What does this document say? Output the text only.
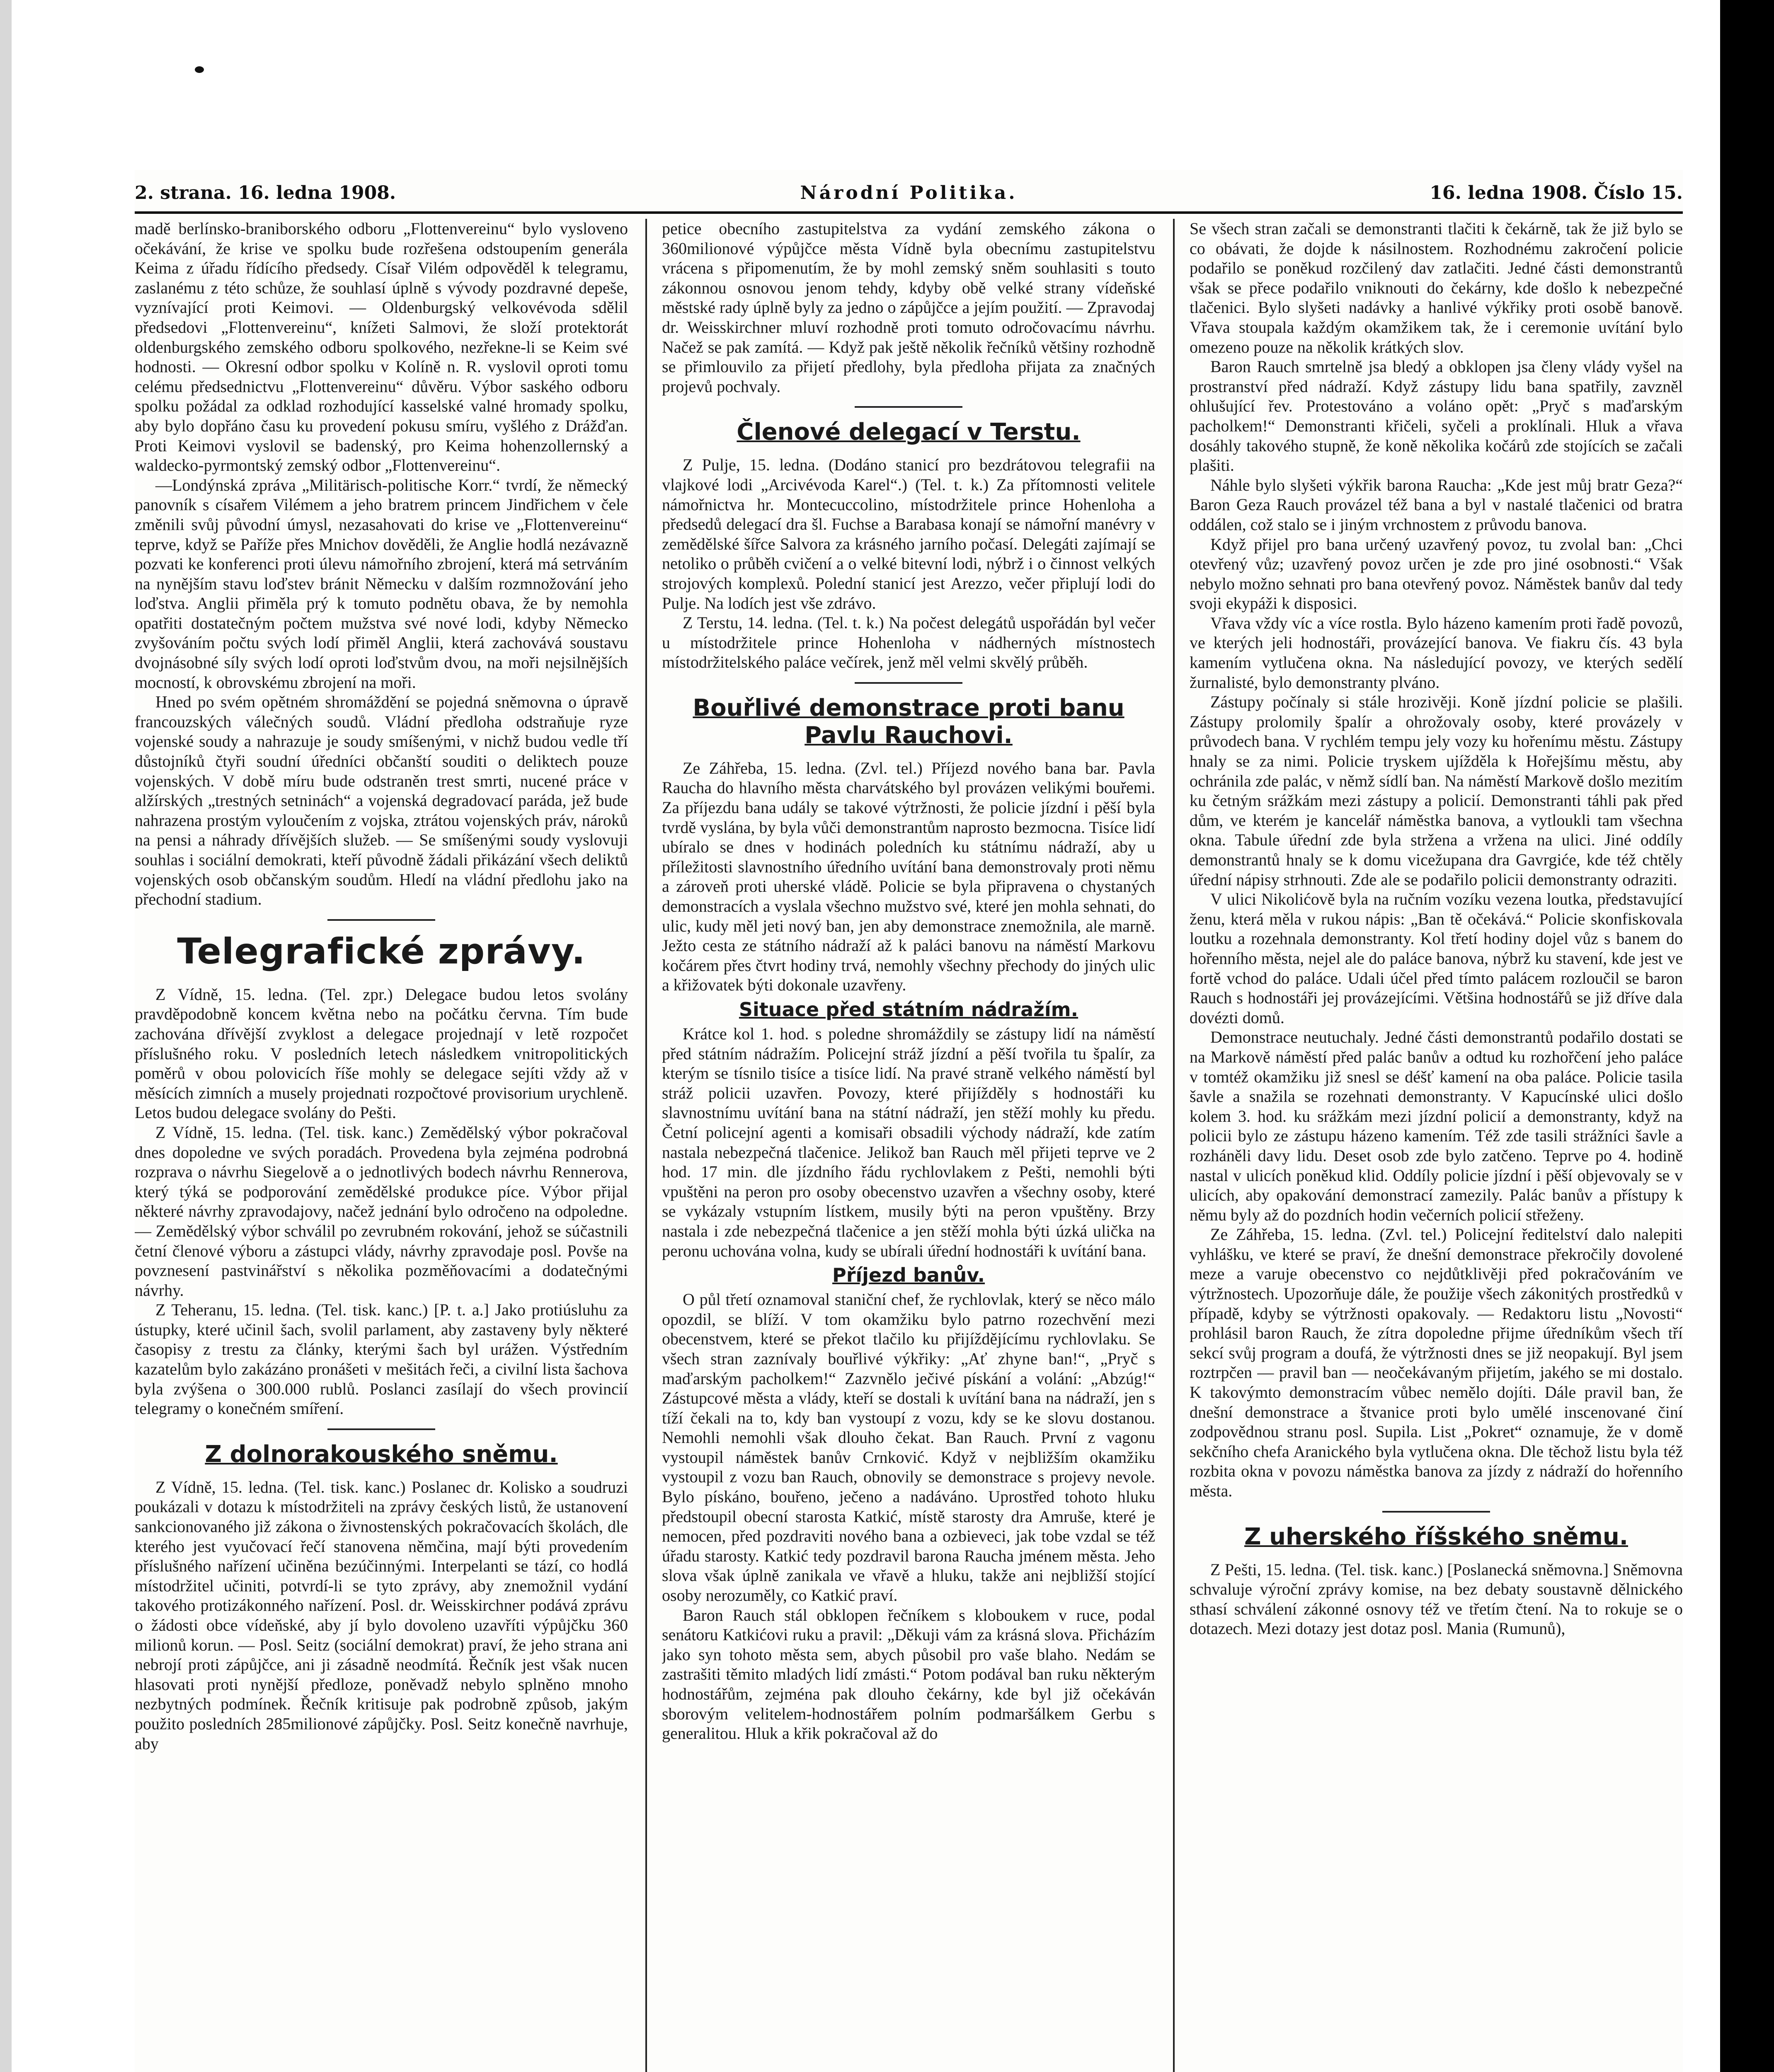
2. strana. 16. ledna 1908.	Národní Politika.	16. ledna 1908. Číslo 15.

madě berlínsko-braniborského odboru „Flottenvereinu“ bylo vysloveno očekávání, že krise ve spolku bude rozřešena odstoupením generála Keima z úřadu řídícího předsedy. Císař Vilém odpověděl k telegramu, zaslanému z této schůze, že souhlasí úplně s vývody pozdravné depeše, vyznívající proti Keimovi. — Oldenburgský velkovévoda sdělil předsedovi „Flottenvereinu“, knížeti Salmovi, že složí protektorát oldenburgského zemského odboru spolkového, nezřekne-li se Keim své hodnosti. — Okresní odbor spolku v Kolíně n. R. vyslovil oproti tomu celému předsednictvu „Flottenvereinu“ důvěru. Výbor saského odboru spolku požádal za odklad rozhodující kasselské valné hromady spolku, aby bylo dopřáno času ku provedení pokusu smíru, vyšlého z Drážďan. Proti Keimovi vyslovil se badenský, pro Keima hohenzollernský a waldecko-pyrmontský zemský odbor „Flottenvereinu“.

—Londýnská zpráva „Militärisch-politische Korr.“ tvrdí, že německý panovník s císařem Vilémem a jeho bratrem princem Jindřichem v čele změnili svůj původní úmysl, nezasahovati do krise ve „Flottenvereinu“ teprve, když se Paříže přes Mnichov dověděli, že Anglie hodlá nezávazně pozvati ke konferenci proti úlevu námořního zbrojení, která má setrváním na nynějším stavu loďstev bránit Německu v dalším rozmnožování jeho loďstva. Anglii přiměla prý k tomuto podnětu obava, že by nemohla opatřiti dostatečným počtem mužstva své nové lodi, kdyby Německo zvyšováním počtu svých lodí přiměl Anglii, která zachovává soustavu dvojnásobné síly svých lodí oproti loďstvům dvou, na moři nejsilnějších mocností, k obrovskému zbrojení na moři.

Hned po svém opětném shromáždění se pojedná sněmovna o úpravě francouzských válečných soudů. Vládní předloha odstraňuje ryze vojenské soudy a nahrazuje je soudy smíšenými, v nichž budou vedle tří důstojníků čtyři soudní úředníci občanští souditi o deliktech pouze vojenských. V době míru bude odstraněn trest smrti, nucené práce v alžírských „trestných setninách“ a vojenská degradovací paráda, jež bude nahrazena prostým vyloučením z vojska, ztrátou vojenských práv, nároků na pensi a náhrady dřívějších služeb. — Se smíšenými soudy vyslovuji souhlas i sociální demokrati, kteří původně žádali přikázání všech deliktů vojenských osob občanským soudům. Hledí na vládní předlohu jako na přechodní stadium.

Telegrafické zprávy.

Z Vídně, 15. ledna. (Tel. zpr.) Delegace budou letos svolány pravděpodobně koncem května nebo na počátku června. Tím bude zachována dřívější zvyklost a delegace projednají v letě rozpočet příslušného roku. V posledních letech následkem vnitropolitických poměrů v obou polovicích říše mohly se delegace sejíti vždy až v měsících zimních a musely projednati rozpočtové provisorium urychleně. Letos budou delegace svolány do Pešti.

Z Vídně, 15. ledna. (Tel. tisk. kanc.) Zemědělský výbor pokračoval dnes dopoledne ve svých poradách. Provedena byla zejména podrobná rozprava o návrhu Siegelově a o jednotlivých bodech návrhu Rennerova, který týká se podporování zemědělské produkce píce. Výbor přijal některé návrhy zpravodajovy, načež jednání bylo odročeno na odpoledne. — Zemědělský výbor schválil po zevrubném rokování, jehož se súčastnili četní členové výboru a zástupci vlády, návrhy zpravodaje posl. Povše na povznesení pastvinářství s několika pozměňovacími a dodatečnými návrhy.

Z Teheranu, 15. ledna. (Tel. tisk. kanc.) [P. t. a.] Jako protiúsluhu za ústupky, které učinil šach, svolil parlament, aby zastaveny byly některé časopisy z trestu za články, kterými šach byl urážen. Výstředním kazatelům bylo zakázáno pronášeti v mešitách řeči, a civilní lista šachova byla zvýšena o 300.000 rublů. Poslanci zasílají do všech provincií telegramy o konečném smíření.

Z dolnorakouského sněmu.

Z Vídně, 15. ledna. (Tel. tisk. kanc.) Poslanec dr. Kolisko a soudruzi poukázali v dotazu k místodržiteli na zprávy českých listů, že ustanovení sankcionovaného již zákona o živnostenských pokračovacích školách, dle kterého jest vyučovací řečí stanovena němčina, mají býti provedením příslušného nařízení učiněna bezúčinnými. Interpelanti se tází, co hodlá místodržitel učiniti, potvrdí-li se tyto zprávy, aby znemožnil vydání takového protizákonného nařízení. Posl. dr. Weisskirchner podává zprávu o žádosti obce vídeňské, aby jí bylo dovoleno uzavříti výpůjčku 360 milionů korun. — Posl. Seitz (sociální demokrat) praví, že jeho strana ani nebrojí proti zápůjčce, ani ji zásadně neodmítá. Řečník jest však nucen hlasovati proti nynější předloze, poněvadž nebylo splněno mnoho nezbytných podmínek. Řečník kritisuje pak podrobně způsob, jakým použito posledních 285milionové zápůjčky. Posl. Seitz konečně navrhuje, aby

petice obecního zastupitelstva za vydání zemského zákona o 360milionové výpůjčce města Vídně byla obecnímu zastupitelstvu vrácena s připomenutím, že by mohl zemský sněm souhlasiti s touto zákonnou osnovou jenom tehdy, kdyby obě velké strany vídeňské městské rady úplně byly za jedno o zápůjčce a jejím použití. — Zpravodaj dr. Weisskirchner mluví rozhodně proti tomuto odročovacímu návrhu. Načež se pak zamítá. — Když pak ještě několik řečníků většiny rozhodně se přimlouvilo za přijetí předlohy, byla předloha přijata za značných projevů pochvaly.

Členové delegací v Terstu.

Z Pulje, 15. ledna. (Dodáno stanicí pro bezdrátovou telegrafii na vlajkové lodi „Arcivévoda Karel“.) (Tel. t. k.) Za přítomnosti velitele námořnictva hr. Montecuccolino, místodržitele prince Hohenloha a předsedů delegací dra šl. Fuchse a Barabasa konají se námořní manévry v zemědělské šířce Salvora za krásného jarního počasí. Delegáti zajímají se netoliko o průběh cvičení a o velké bitevní lodi, nýbrž i o činnost velkých strojových komplexů. Polední stanicí jest Arezzo, večer připlují lodi do Pulje. Na lodích jest vše zdrávo.

Z Terstu, 14. ledna. (Tel. t. k.) Na počest delegátů uspořádán byl večer u místodržitele prince Hohenloha v nádherných místnostech místodržitelského paláce večírek, jenž měl velmi skvělý průběh.

Bouřlivé demonstrace proti banu Pavlu Rauchovi.

Ze Záhřeba, 15. ledna. (Zvl. tel.) Příjezd nového bana bar. Pavla Raucha do hlavního města charvátského byl provázen velikými bouřemi. Za příjezdu bana udály se takové výtržnosti, že policie jízdní i pěší byla tvrdě vyslána, by byla vůči demonstrantům naprosto bezmocna. Tisíce lidí ubíralo se dnes v hodinách poledních ku státnímu nádraží, aby u příležitosti slavnostního úředního uvítání bana demonstrovaly proti němu a zároveň proti uherské vládě. Policie se byla připravena o chystaných demonstracích a vyslala všechno mužstvo své, které jen mohla sehnati, do ulic, kudy měl jeti nový ban, jen aby demonstrace znemožnila, ale marně. Ježto cesta ze státního nádraží až k paláci banovu na náměstí Markovu kočárem přes čtvrt hodiny trvá, nemohly všechny přechody do jiných ulic a křižovatek býti dokonale uzavřeny.

Situace před státním nádražím.

Krátce kol 1. hod. s poledne shromáždily se zástupy lidí na náměstí před státním nádražím. Policejní stráž jízdní a pěší tvořila tu špalír, za kterým se tísnilo tisíce a tisíce lidí. Na pravé straně velkého náměstí byl stráž policii uzavřen. Povozy, které přijížděly s hodnostáři ku slavnostnímu uvítání bana na státní nádraží, jen stěží mohly ku předu. Četní policejní agenti a komisaři obsadili východy nádraží, kde zatím nastala nebezpečná tlačenice. Jelikož ban Rauch měl přijeti teprve ve 2 hod. 17 min. dle jízdního řádu rychlovlakem z Pešti, nemohli býti vpuštěni na peron pro osoby obecenstvo uzavřen a všechny osoby, které se vykázaly vstupním lístkem, musily býti na peron vpuštěny. Brzy nastala i zde nebezpečná tlačenice a jen stěží mohla býti úzká ulička na peronu uchována volna, kudy se ubírali úřední hodnostáři k uvítání bana.

Příjezd banův.

O půl třetí oznamoval staniční chef, že rychlovlak, který se něco málo opozdil, se blíží. V tom okamžiku bylo patrno rozechvění mezi obecenstvem, které se překot tlačilo ku přijíždějícímu rychlovlaku. Se všech stran zaznívaly bouřlivé výkřiky: „Ať zhyne ban!“, „Pryč s maďarským pacholkem!“ Zazvnělo ječivé pískání a volání: „Abzúg!“ Zástupcové města a vlády, kteří se dostali k uvítání bana na nádraží, jen s tíží čekali na to, kdy ban vystoupí z vozu, kdy se ke slovu dostanou. Nemohli nemohli však dlouho čekat. Ban Rauch. První z vagonu vystoupil náměstek banův Crnković. Když v nejbližším okamžiku vystoupil z vozu ban Rauch, obnovily se demonstrace s projevy nevole. Bylo pískáno, bouřeno, ječeno a nadáváno. Uprostřed tohoto hluku předstoupil obecní starosta Katkić, místě starosty dra Amruše, které je nemocen, před pozdraviti nového bana a ozbieveci, jak tobe vzdal se též úřadu starosty. Katkić tedy pozdravil barona Raucha jménem města. Jeho slova však úplně zanikala ve vřavě a hluku, takže ani nejbližší stojící osoby nerozuměly, co Katkić praví.

Baron Rauch stál obklopen řečníkem s kloboukem v ruce, podal senátoru Katkićovi ruku a pravil: „Děkuji vám za krásná slova. Přicházím jako syn tohoto města sem, abych působil pro vaše blaho. Nedám se zastrašiti těmito mladých lidí zmásti.“ Potom podával ban ruku některým hodnostářům, zejména pak dlouho čekárny, kde byl již očekáván sborovým velitelem-hodnostářem polním podmaršálkem Gerbu s generalitou. Hluk a křik pokračoval až do

Se všech stran začali se demonstranti tlačiti k čekárně, tak že již bylo se co obávati, že dojde k násilnostem. Rozhodnému zakročení policie podařilo se poněkud rozčilený dav zatlačiti. Jedné části demonstrantů však se přece podařilo vniknouti do čekárny, kde došlo k nebezpečné tlačenici. Bylo slyšeti nadávky a hanlivé výkřiky proti osobě banově. Vřava stoupala každým okamžikem tak, že i ceremonie uvítání bylo omezeno pouze na několik krátkých slov.

Baron Rauch smrtelně jsa bledý a obklopen jsa členy vlády vyšel na prostranství před nádraží. Když zástupy lidu bana spatřily, zavzněl ohlušující řev. Protestováno a voláno opět: „Pryč s maďarským pacholkem!“ Demonstranti křičeli, syčeli a proklínali. Hluk a vřava dosáhly takového stupně, že koně několika kočárů zde stojících se začali plašiti.

Náhle bylo slyšeti výkřik barona Raucha: „Kde jest můj bratr Geza?“ Baron Geza Rauch provázel též bana a byl v nastalé tlačenici od bratra oddálen, což stalo se i jiným vrchnostem z průvodu banova.

Když přijel pro bana určený uzavřený povoz, tu zvolal ban: „Chci otevřený vůz; uzavřený povoz určen je zde pro jiné osobnosti.“ Však nebylo možno sehnati pro bana otevřený povoz. Náměstek banův dal tedy svoji ekypáži k disposici.

Vřava vždy víc a více rostla. Bylo házeno kamením proti řadě povozů, ve kterých jeli hodnostáři, provázející banova. Ve fiakru čís. 43 byla kamením vytlučena okna. Na následující povozy, ve kterých sedělí žurnalisté, bylo demonstranty plváno.

Zástupy počínaly si stále hrozivěji. Koně jízdní policie se plašili. Zástupy prolomily špalír a ohrožovaly osoby, které provázely v průvodech bana. V rychlém tempu jely vozy ku hořenímu městu. Zástupy hnaly se za nimi. Policie tryskem ujížděla k Hořejšímu městu, aby ochránila zde palác, v němž sídlí ban. Na náměstí Markově došlo mezitím ku četným srážkám mezi zástupy a policií. Demonstranti táhli pak před dům, ve kterém je kancelář náměstka banova, a vytloukli tam všechna okna. Tabule úřední zde byla stržena a vržena na ulici. Jiné oddíly demonstrantů hnaly se k domu vicežupana dra Gavrgiće, kde též chtěly úřední nápisy strhnouti. Zde ale se podařilo policii demonstranty odraziti.

V ulici Nikolićově byla na ručním vozíku vezena loutka, představující ženu, která měla v rukou nápis: „Ban tě očekává.“ Policie skonfiskovala loutku a rozehnala demonstranty. Kol třetí hodiny dojel vůz s banem do hořenního města, nejel ale do paláce banova, nýbrž ku stavení, kde jest ve fortě vchod do paláce. Udali účel před tímto palácem rozloučil se baron Rauch s hodnostáři jej provázejícími. Většina hodnostářů se již dříve dala dovézti domů.

Demonstrace neutuchaly. Jedné části demonstrantů podařilo dostati se na Markově náměstí před palác banův a odtud ku rozhořčení jeho paláce v tomtéž okamžiku již snesl se déšť kamení na oba paláce. Policie tasila šavle a snažila se rozehnati demonstranty. V Kapucínské ulici došlo kolem 3. hod. ku srážkám mezi jízdní policií a demonstranty, když na policii bylo ze zástupu házeno kamením. Též zde tasili strážníci šavle a rozháněli davy lidu. Deset osob zde bylo zatčeno. Teprve po 4. hodině nastal v ulicích poněkud klid. Oddíly policie jízdní i pěší objevovaly se v ulicích, aby opakování demonstrací zamezily. Palác banův a přístupy k němu byly až do pozdních hodin večerních policií střeženy.

Ze Záhřeba, 15. ledna. (Zvl. tel.) Policejní ředitelství dalo nalepiti vyhlášku, ve které se praví, že dnešní demonstrace překročily dovolené meze a varuje obecenstvo co nejdůtklivěji před pokračováním ve výtržnostech. Upozorňuje dále, že použije všech zákonitých prostředků v případě, kdyby se výtržnosti opakovaly. — Redaktoru listu „Novosti“ prohlásil baron Rauch, že zítra dopoledne přijme úředníkům všech tří sekcí svůj program a doufá, že výtržnosti dnes se již neopakují. Byl jsem roztrpčen — pravil ban — neočekávaným přijetím, jakého se mi dostalo. K takovýmto demonstracím vůbec nemělo dojíti. Dále pravil ban, že dnešní demonstrace a štvanice proti bylo umělé inscenované činí zodpovědnou stranu posl. Supila. List „Pokret“ oznamuje, že v domě sekčního chefa Aranického byla vytlučena okna. Dle těchož listu byla též rozbita okna v povozu náměstka banova za jízdy z nádraží do hořenního města.

Z uherského říšského sněmu.

Z Pešti, 15. ledna. (Tel. tisk. kanc.) [Poslanecká sněmovna.] Sněmovna schvaluje výroční zprávy komise, na bez debaty soustavně dělnického sthasí schválení zákonné osnovy též ve třetím čtení. Na to rokuje se o dotazech. Mezi dotazy jest dotaz posl. Mania (Rumunů),
